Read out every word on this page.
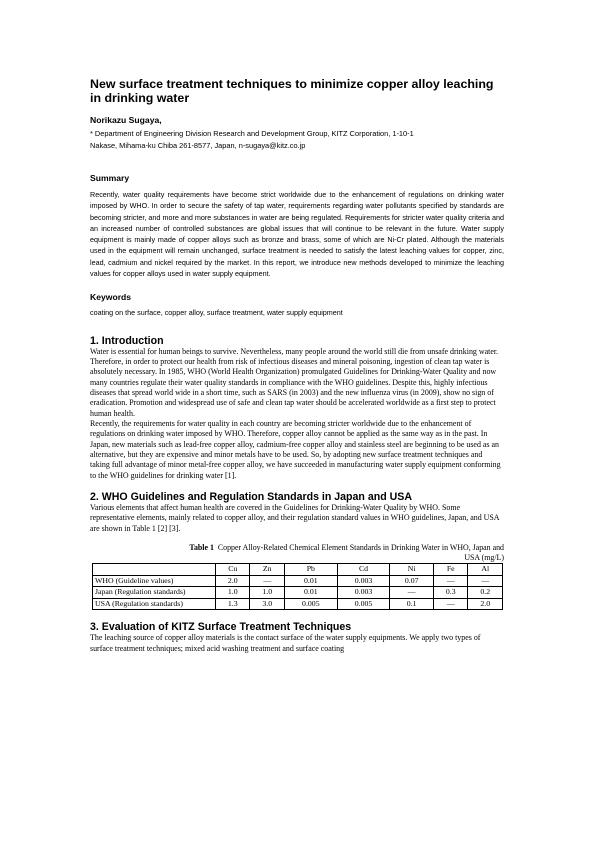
New surface treatment techniques to minimize copper alloy leaching in drinking water
Norikazu Sugaya,
* Department of Engineering Division Research and Development Group, KITZ Corporation, 1-10-1
Nakase, Mihama-ku Chiba 261-8577, Japan, n-sugaya@kitz.co.jp
Summary

Recently, water quality requirements have become strict worldwide due to the enhancement of regulations on drinking water imposed by WHO. In order to secure the safety of tap water, requirements regarding water pollutants specified by standards are becoming stricter, and more and more substances in water are being regulated. Requirements for stricter water quality criteria and an increased number of controlled substances are global issues that will continue to be relevant in the future. Water supply equipment is mainly made of copper alloys such as bronze and brass, some of which are Ni-Cr plated. Although the materials used in the equipment will remain unchanged, surface treatment is needed to satisfy the latest leaching values for copper, zinc, lead, cadmium and nickel required by the market. In this report, we introduce new methods developed to minimize the leaching values for copper alloys used in water supply equipment.

Keywords

coating on the surface, copper alloy, surface treatment, water supply equipment

1. Introduction

Water is essential for human beings to survive. Nevertheless, many people around the world still die from unsafe drinking water. Therefore, in order to protect our health from risk of infectious diseases and mineral poisoning, ingestion of clean tap water is absolutely necessary. In 1985, WHO (World Health Organization) promulgated Guidelines for Drinking-Water Quality and now many countries regulate their water quality standards in compliance with the WHO guidelines. Despite this, highly infectious diseases that spread world wide in a short time, such as SARS (in 2003) and the new influenza virus (in 2009), show no sign of eradication. Promotion and widespread use of safe and clean tap water should be accelerated worldwide as a first step to protect human health.

Recently, the requirements for water quality in each country are becoming stricter worldwide due to the enhancement of regulations on drinking water imposed by WHO. Therefore, copper alloy cannot be applied as the same way as in the past. In Japan, new materials such as lead-free copper alloy, cadmium-free copper alloy and stainless steel are beginning to be used as an alternative, but they are expensive and minor metals have to be used. So, by adopting new surface treatment techniques and taking full advantage of minor metal-free copper alloy, we have succeeded in manufacturing water supply equipment conforming to the WHO guidelines for drinking water [1].

2. WHO Guidelines and Regulation Standards in Japan and USA

Various elements that affect human health are covered in the Guidelines for Drinking-Water Quality by WHO. Some representative elements, mainly related to copper alloy, and their regulation standard values in WHO guidelines, Japan, and USA are shown in Table 1 [2] [3].

Table 1 Copper Alloy-Related Chemical Element Standards in Drinking Water in WHO, Japan and

USA (mg/L)

	Cu	Zn	Pb	Cd	Ni	Fe	Al
WHO (Guideline values)	2.0	—	0.01	0.003	0.07	—	—
Japan (Regulation standards)	1.0	1.0	0.01	0.003	—	0.3	0.2
USA (Regulation standards)	1.3	3.0	0.005	0.005	0.1	—	2.0
3. Evaluation of KITZ Surface Treatment Techniques

The leaching source of copper alloy materials is the contact surface of the water supply equipments. We apply two types of surface treatment techniques; mixed acid washing treatment and surface coating
